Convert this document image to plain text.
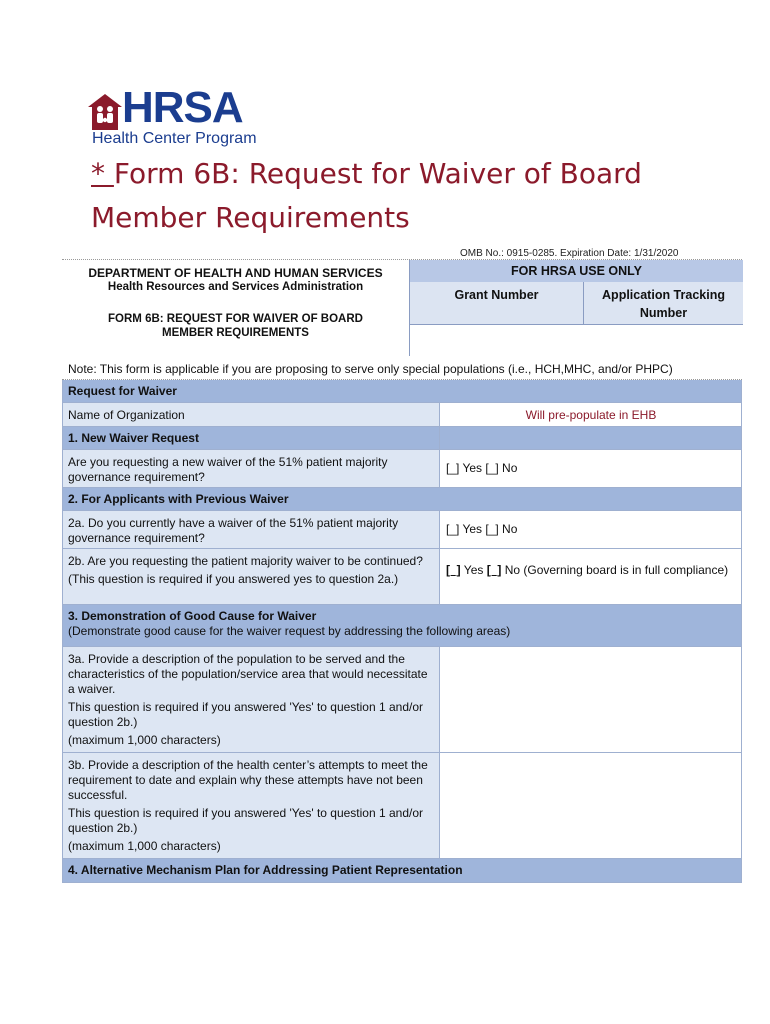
HRSA
Health Center Program
* Form 6B: Request for Waiver of Board Member Requirements
OMB No.: 0915-0285. Expiration Date: 1/31/2020
DEPARTMENT OF HEALTH AND HUMAN SERVICES
Health Resources and Services Administration
FORM 6B: REQUEST FOR WAIVER OF BOARD MEMBER REQUIREMENTS
FOR HRSA USE ONLY
Grant Number	Application Tracking Number
Note: This form is applicable if you are proposing to serve only special populations (i.e., HCH,MHC, and/or PHPC)
Request for Waiver
Name of Organization	Will pre-populate in EHB
1. New Waiver Request
Are you requesting a new waiver of the 51% patient majority governance requirement?
[_] Yes [_] No
2. For Applicants with Previous Waiver
2a. Do you currently have a waiver of the 51% patient majority governance requirement?
[_] Yes [_] No

2b. Are you requesting the patient majority waiver to be continued?

(This question is required if you answered yes to question 2a.)

[_] Yes [_] No (Governing board is in full compliance)
3. Demonstration of Good Cause for Waiver
(Demonstrate good cause for the waiver request by addressing the following areas)

3a. Provide a description of the population to be served and the characteristics of the population/service area that would necessitate a waiver.

This question is required if you answered 'Yes' to question 1 and/or question 2b.)

(maximum 1,000 characters)

3b. Provide a description of the health center’s attempts to meet the requirement to date and explain why these attempts have not been successful.

This question is required if you answered 'Yes' to question 1 and/or question 2b.)

(maximum 1,000 characters)

4. Alternative Mechanism Plan for Addressing Patient Representation
